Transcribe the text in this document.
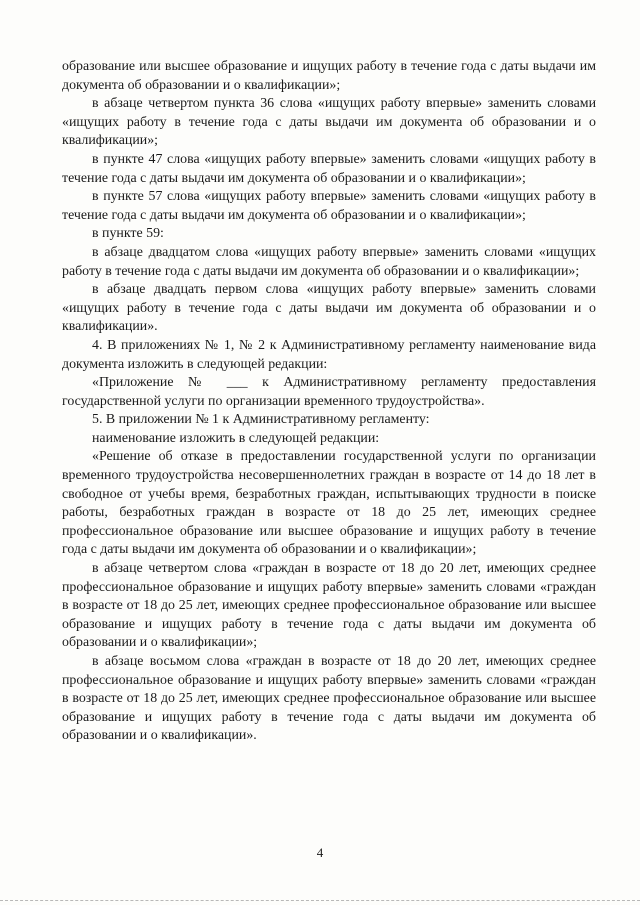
образование или высшее образование и ищущих работу в течение года с даты выдачи им документа об образовании и о квалификации»;

в абзаце четвертом пункта 36 слова «ищущих работу впервые» заменить словами «ищущих работу в течение года с даты выдачи им документа об образовании и о квалификации»;

в пункте 47 слова «ищущих работу впервые» заменить словами «ищущих работу в течение года с даты выдачи им документа об образовании и о квалификации»;

в пункте 57 слова «ищущих работу впервые» заменить словами «ищущих работу в течение года с даты выдачи им документа об образовании и о квалификации»;

в пункте 59:

в абзаце двадцатом слова «ищущих работу впервые» заменить словами «ищущих работу в течение года с даты выдачи им документа об образовании и о квалификации»;

в абзаце двадцать первом слова «ищущих работу впервые» заменить словами «ищущих работу в течение года с даты выдачи им документа об образовании и о квалификации».

4. В приложениях № 1, № 2 к Административному регламенту наименование вида документа изложить в следующей редакции:

«Приложение № ___ к Административному регламенту предоставления государственной услуги по организации временного трудоустройства».

5. В приложении № 1 к Административному регламенту:

наименование изложить в следующей редакции:

«Решение об отказе в предоставлении государственной услуги по организации временного трудоустройства несовершеннолетних граждан в возрасте от 14 до 18 лет в свободное от учебы время, безработных граждан, испытывающих трудности в поиске работы, безработных граждан в возрасте от 18 до 25 лет, имеющих среднее профессиональное образование или высшее образование и ищущих работу в течение года с даты выдачи им документа об образовании и о квалификации»;

в абзаце четвертом слова «граждан в возрасте от 18 до 20 лет, имеющих среднее профессиональное образование и ищущих работу впервые» заменить словами «граждан в возрасте от 18 до 25 лет, имеющих среднее профессиональное образование или высшее образование и ищущих работу в течение года с даты выдачи им документа об образовании и о квалификации»;

в абзаце восьмом слова «граждан в возрасте от 18 до 20 лет, имеющих среднее профессиональное образование и ищущих работу впервые» заменить словами «граждан в возрасте от 18 до 25 лет, имеющих среднее профессиональное образование или высшее образование и ищущих работу в течение года с даты выдачи им документа об образовании и о квалификации».

4
